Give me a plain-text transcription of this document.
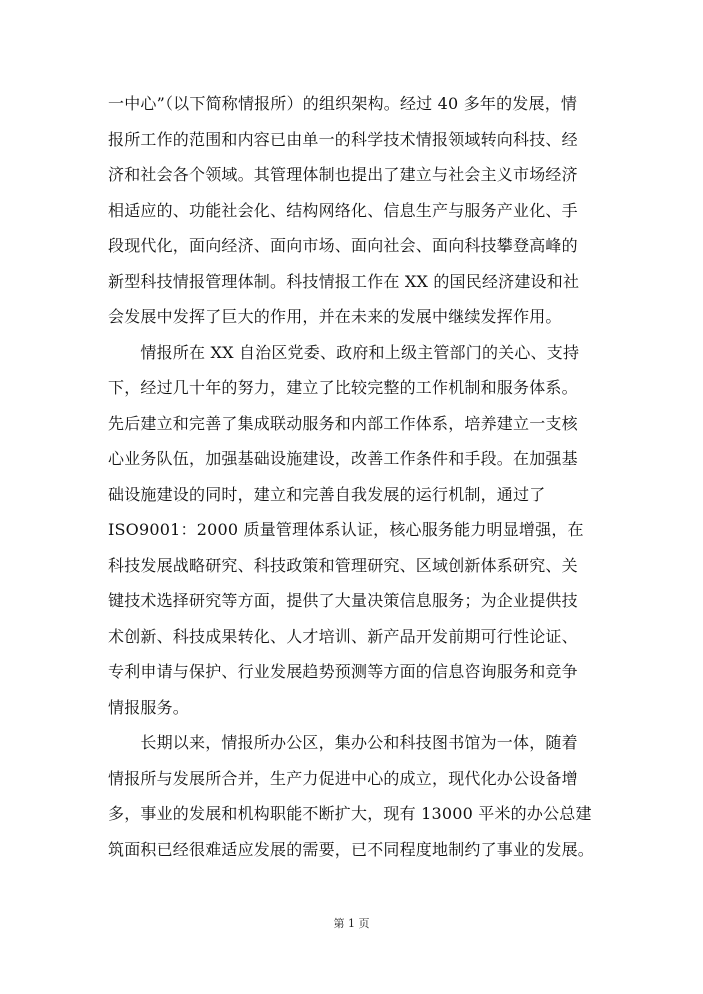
一中心”（以下简称情报所）的组织架构。经过 40 多年的发展，情
报所工作的范围和内容已由单一的科学技术情报领域转向科技、经
济和社会各个领域。其管理体制也提出了建立与社会主义市场经济
相适应的、功能社会化、结构网络化、信息生产与服务产业化、手
段现代化，面向经济、面向市场、面向社会、面向科技攀登高峰的
新型科技情报管理体制。科技情报工作在 XX 的国民经济建设和社
会发展中发挥了巨大的作用，并在未来的发展中继续发挥作用。
　　情报所在 XX 自治区党委、政府和上级主管部门的关心、支持
下，经过几十年的努力，建立了比较完整的工作机制和服务体系。
先后建立和完善了集成联动服务和内部工作体系，培养建立一支核
心业务队伍，加强基础设施建设，改善工作条件和手段。在加强基
础设施建设的同时，建立和完善自我发展的运行机制，通过了
ISO9001：2000 质量管理体系认证，核心服务能力明显增强，在
科技发展战略研究、科技政策和管理研究、区域创新体系研究、关
键技术选择研究等方面，提供了大量决策信息服务；为企业提供技
术创新、科技成果转化、人才培训、新产品开发前期可行性论证、
专利申请与保护、行业发展趋势预测等方面的信息咨询服务和竞争
情报服务。
　　长期以来，情报所办公区，集办公和科技图书馆为一体，随着
情报所与发展所合并，生产力促进中心的成立，现代化办公设备增
多，事业的发展和机构职能不断扩大，现有 13000 平米的办公总建
筑面积已经很难适应发展的需要，已不同程度地制约了事业的发展。
第 1 页
